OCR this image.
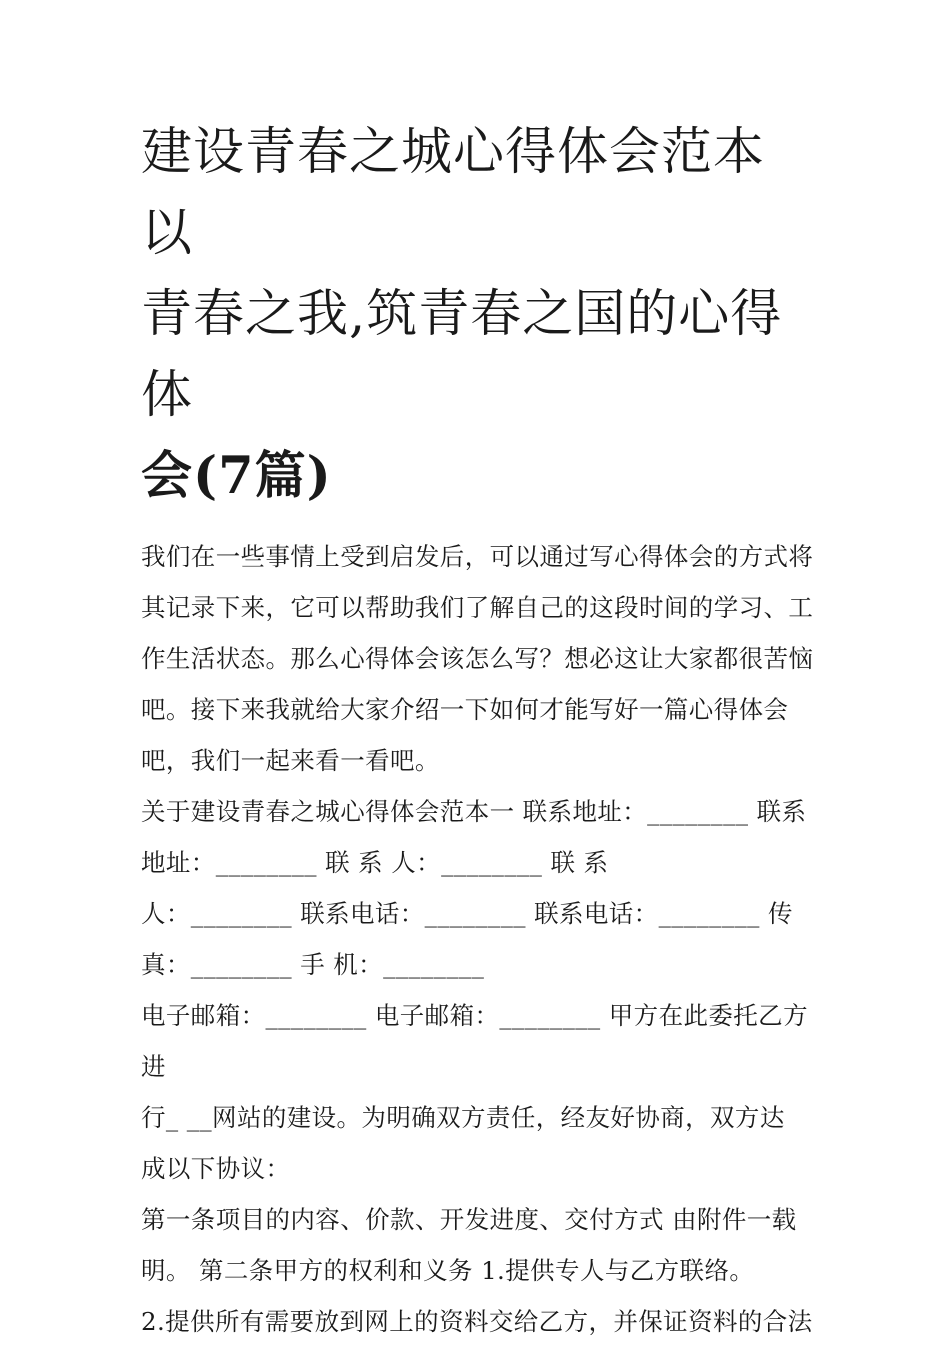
建设青春之城心得体会范本 以
青春之我,筑青春之国的心得体
会(7篇)

我们在一些事情上受到启发后，可以通过写心得体会的方式将
其记录下来，它可以帮助我们了解自己的这段时间的学习、工
作生活状态。那么心得体会该怎么写？想必这让大家都很苦恼
吧。接下来我就给大家介绍一下如何才能写好一篇心得体会
吧，我们一起来看一看吧。

关于建设青春之城心得体会范本一 联系地址：________ 联系
地址：________ 联 系 人：________ 联 系
人：________ 联系电话：________ 联系电话：________ 传
真：________ 手 机：________

电子邮箱：________ 电子邮箱：________ 甲方在此委托乙方进
行_ __网站的建设。为明确双方责任，经友好协商，双方达
成以下协议：

第一条项目的内容、价款、开发进度、交付方式 由附件一载
明。 第二条甲方的权利和义务 1.提供专人与乙方联络。

2.提供所有需要放到网上的资料交给乙方，并保证资料的合法
